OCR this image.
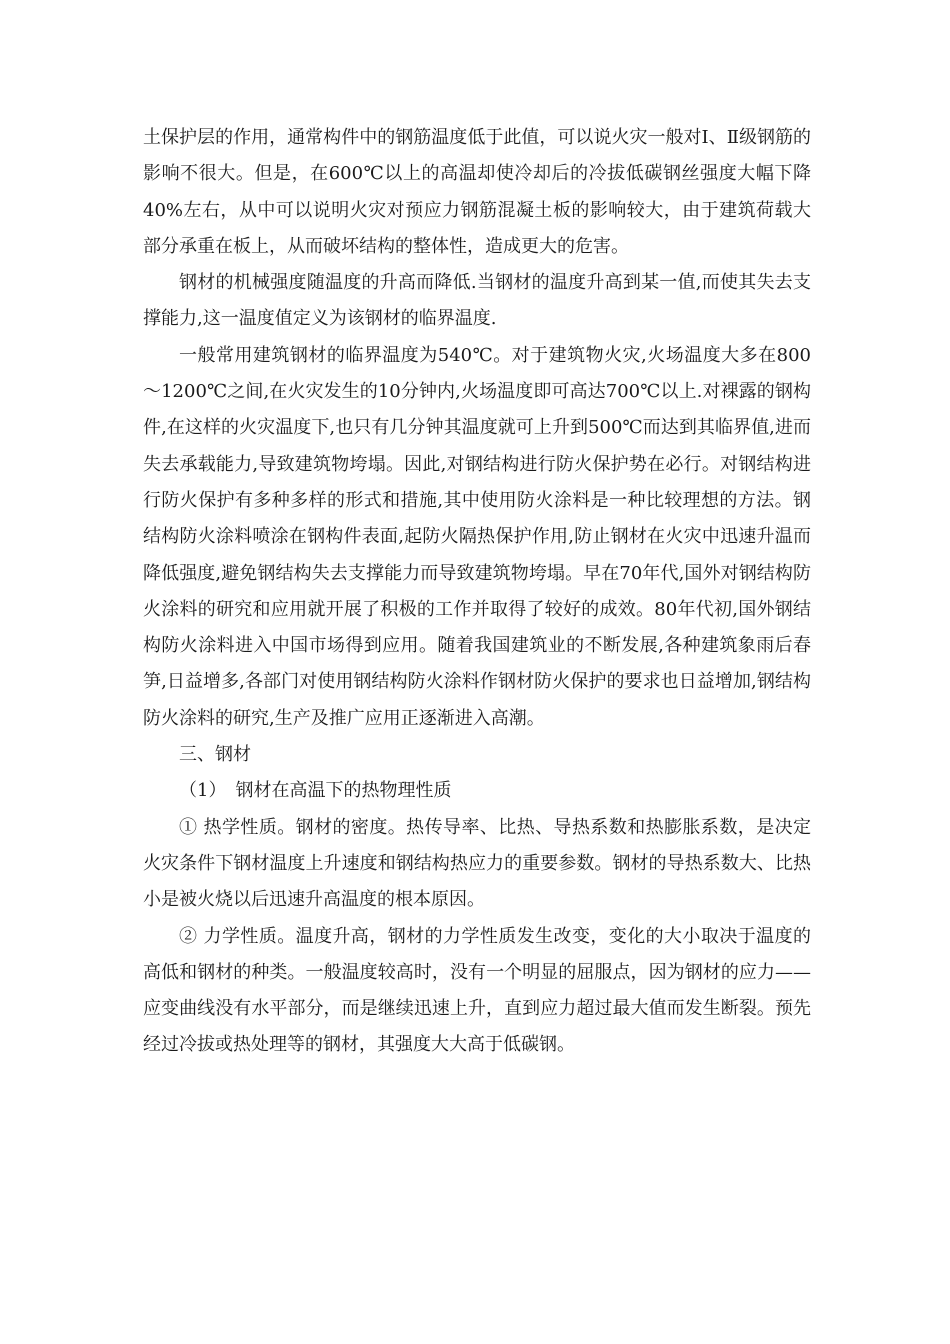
土保护层的作用，通常构件中的钢筋温度低于此值，可以说火灾一般对Ⅰ、Ⅱ级钢筋的影响不很大。但是，在600℃以上的高温却使冷却后的冷拔低碳钢丝强度大幅下降40%左右，从中可以说明火灾对预应力钢筋混凝土板的影响较大，由于建筑荷载大部分承重在板上，从而破坏结构的整体性，造成更大的危害。

钢材的机械强度随温度的升高而降低.当钢材的温度升高到某一值,而使其失去支撑能力,这一温度值定义为该钢材的临界温度.

一般常用建筑钢材的临界温度为540℃。对于建筑物火灾,火场温度大多在800～1200℃之间,在火灾发生的10分钟内,火场温度即可高达700℃以上.对裸露的钢构件,在这样的火灾温度下,也只有几分钟其温度就可上升到500℃而达到其临界值,进而失去承载能力,导致建筑物垮塌。因此,对钢结构进行防火保护势在必行。对钢结构进行防火保护有多种多样的形式和措施,其中使用防火涂料是一种比较理想的方法。钢结构防火涂料喷涂在钢构件表面,起防火隔热保护作用,防止钢材在火灾中迅速升温而降低强度,避免钢结构失去支撑能力而导致建筑物垮塌。早在70年代,国外对钢结构防火涂料的研究和应用就开展了积极的工作并取得了较好的成效。80年代初,国外钢结构防火涂料进入中国市场得到应用。随着我国建筑业的不断发展,各种建筑象雨后春笋,日益增多,各部门对使用钢结构防火涂料作钢材防火保护的要求也日益增加,钢结构防火涂料的研究,生产及推广应用正逐渐进入高潮。

三、钢材

（1）　钢材在高温下的热物理性质

① 热学性质。钢材的密度。热传导率、比热、导热系数和热膨胀系数，是决定火灾条件下钢材温度上升速度和钢结构热应力的重要参数。钢材的导热系数大、比热小是被火烧以后迅速升高温度的根本原因。

② 力学性质。温度升高，钢材的力学性质发生改变，变化的大小取决于温度的高低和钢材的种类。一般温度较高时，没有一个明显的屈服点，因为钢材的应力——应变曲线没有水平部分，而是继续迅速上升，直到应力超过最大值而发生断裂。预先经过冷拔或热处理等的钢材，其强度大大高于低碳钢。
